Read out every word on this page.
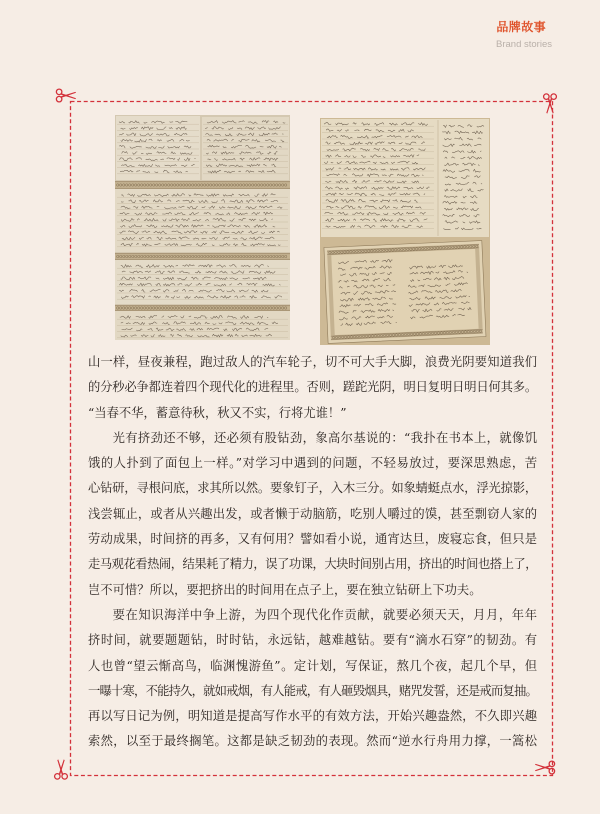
品牌故事
Brand stories
山一样，昼夜兼程，跑过敌人的汽车轮子，切不可大手大脚，浪费光阴要知道我们
的分秒必争都连着四个现代化的进程里。否则，蹉跎光阴，明日复明日明日何其多。
“当春不华，蓄意待秋，秋又不实，行将尤谁！”
光有挤劲还不够，还必须有股钻劲，象高尔基说的：“我扑在书本上，就像饥
饿的人扑到了面包上一样。”对学习中遇到的问题，不轻易放过，要深思熟虑，苦
心钻研，寻根问底，求其所以然。要象钉子，入木三分。如象蜻蜓点水，浮光掠影，
浅尝辄止，或者从兴趣出发，或者懒于动脑筋，吃别人嚼过的馍，甚至剽窃人家的
劳动成果，时间挤的再多，又有何用？譬如看小说，通宵达旦，废寝忘食，但只是
走马观花看热闹，结果耗了精力，误了功课，大块时间别占用，挤出的时间也搭上了，
岂不可惜？所以，要把挤出的时间用在点子上，要在独立钻研上下功夫。
要在知识海洋中争上游，为四个现代化作贡献，就要必须天天，月月，年年
挤时间，就要题题钻，时时钻，永远钻，越难越钻。要有“滴水石穿”的韧劲。有
人也曾“望云惭高鸟，临渊愧游鱼”。定计划，写保证，熬几个夜，起几个早，但
一曝十寒，不能持久，就如戒烟，有人能戒，有人砸毁烟具，赌咒发誓，还是戒而复抽。
再以写日记为例，明知道是提高写作水平的有效方法，开始兴趣盎然，不久即兴趣
索然，以至于最终搁笔。这都是缺乏韧劲的表现。然而“逆水行舟用力撑，一篙松
